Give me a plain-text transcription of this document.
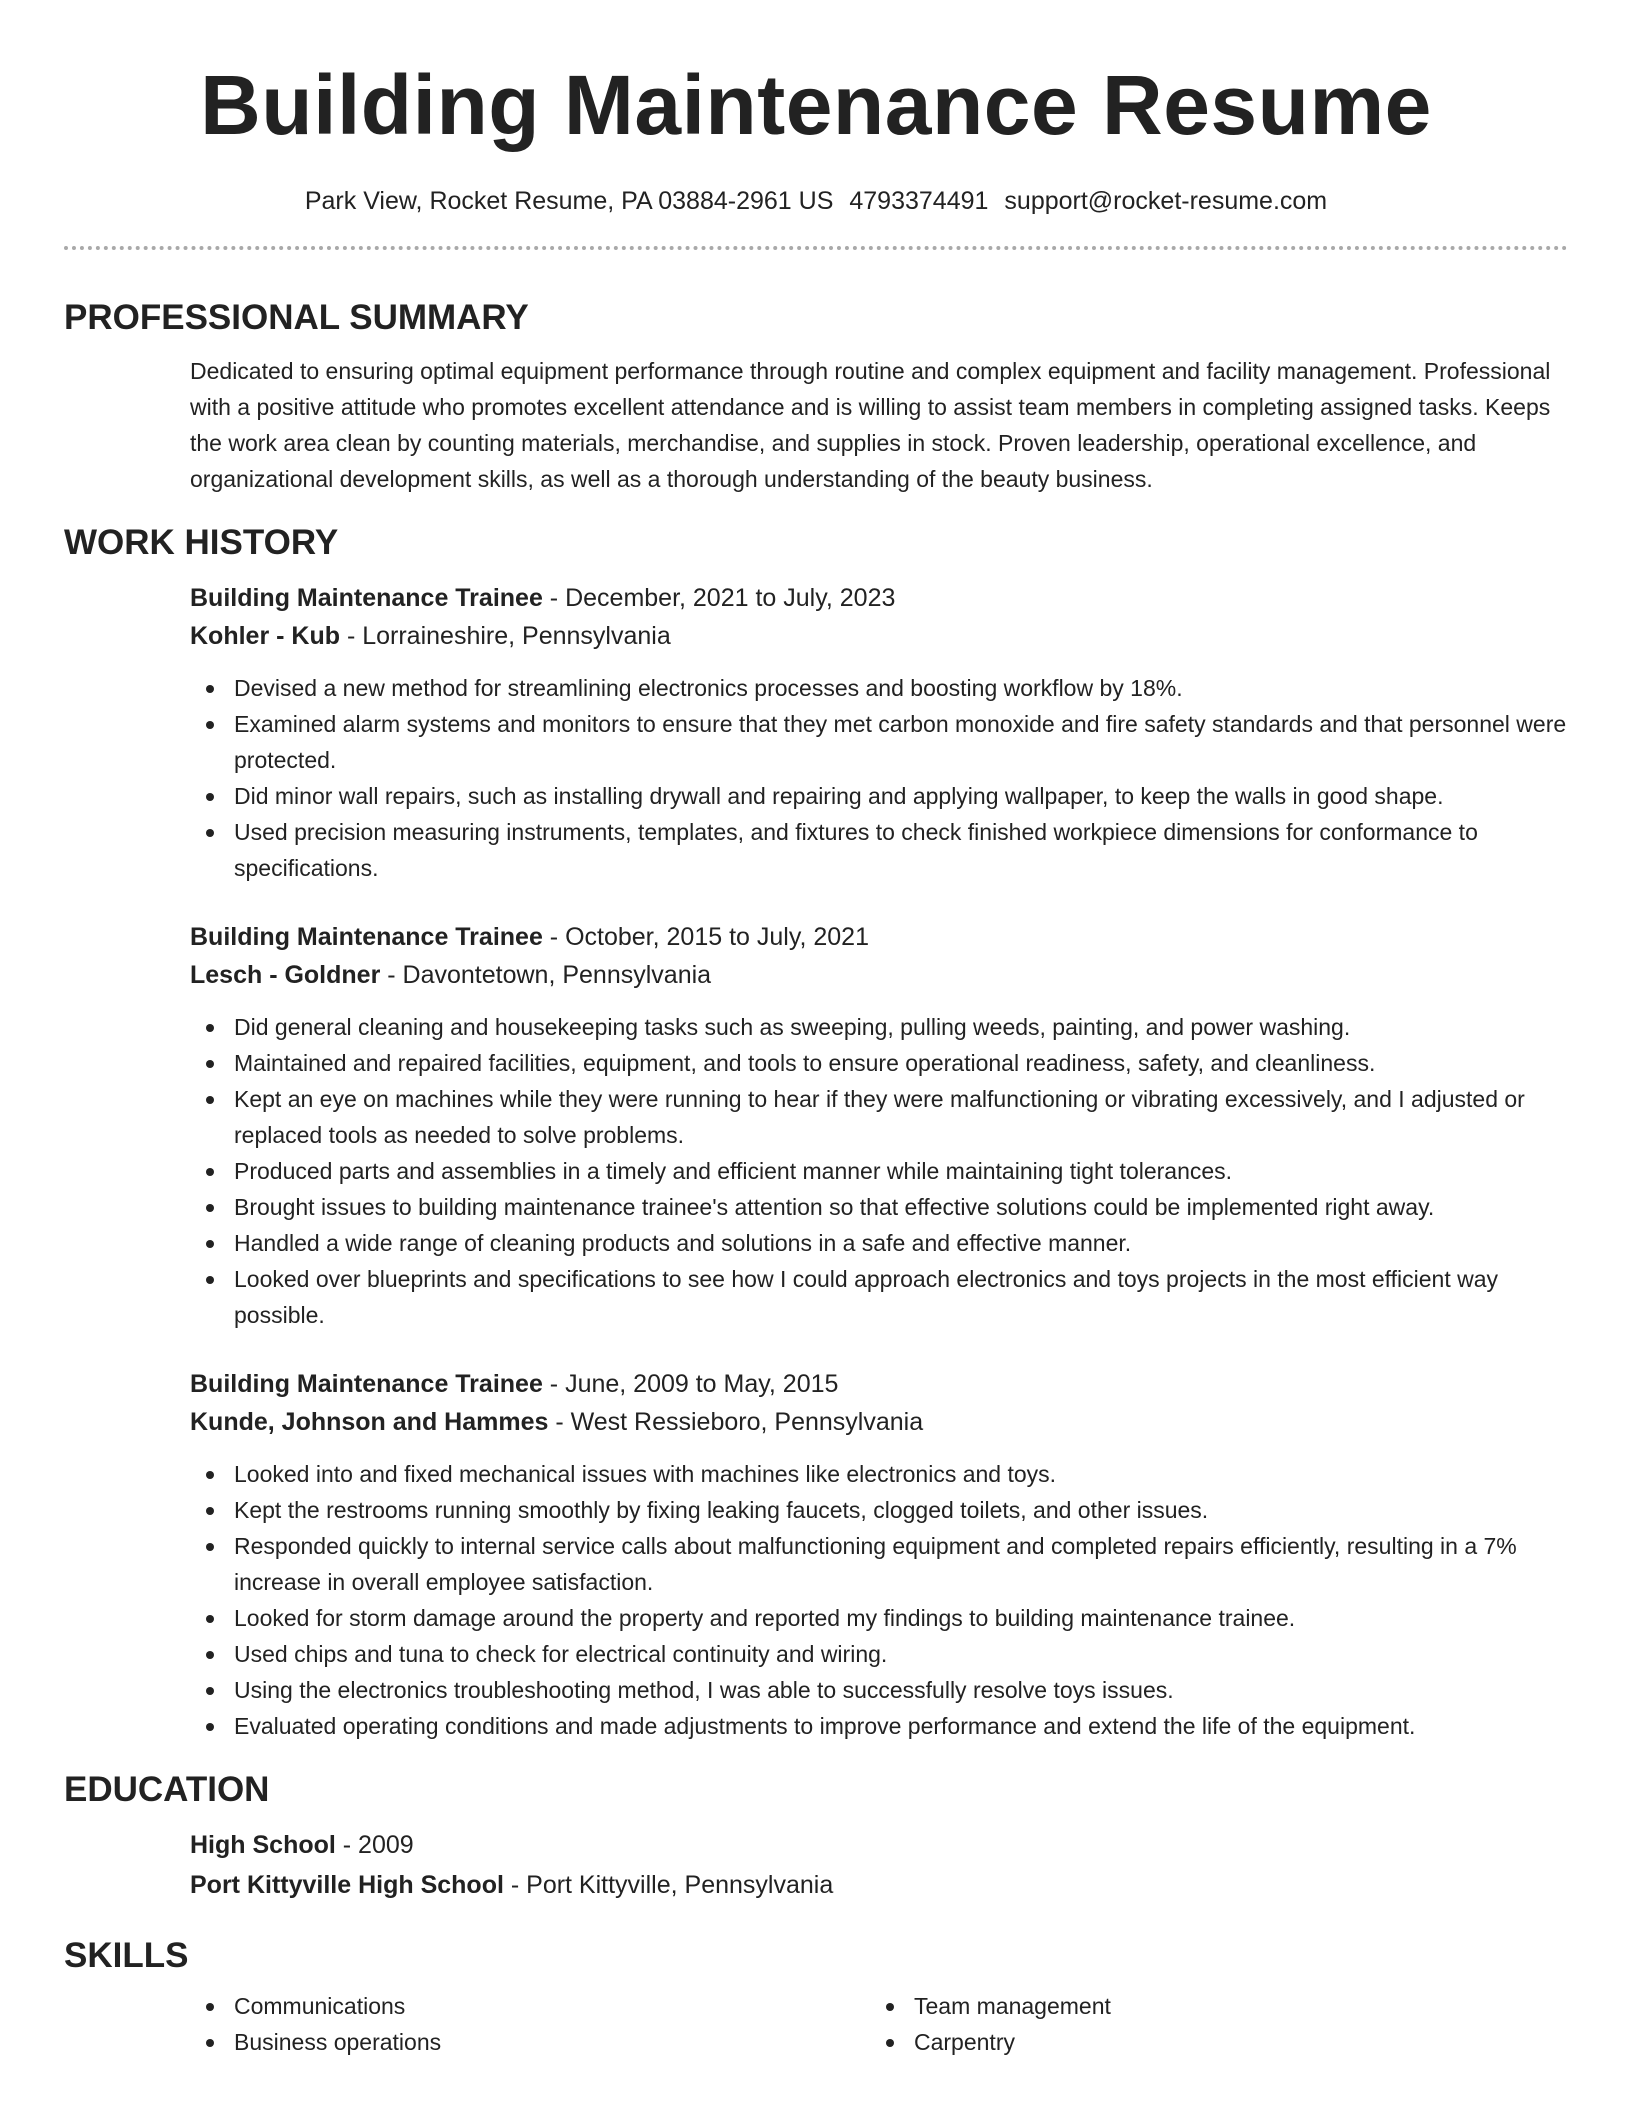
Building Maintenance Resume
Park View, Rocket Resume, PA 03884-2961 US 4793374491 support@rocket-resume.com
PROFESSIONAL SUMMARY

Dedicated to ensuring optimal equipment performance through routine and complex equipment and facility management. Professional with a positive attitude who promotes excellent attendance and is willing to assist team members in completing assigned tasks. Keeps the work area clean by counting materials, merchandise, and supplies in stock. Proven leadership, operational excellence, and organizational development skills, as well as a thorough understanding of the beauty business.

WORK HISTORY
Building Maintenance Trainee - December, 2021 to July, 2023
Kohler - Kub - Lorraineshire, Pennsylvania
Devised a new method for streamlining electronics processes and boosting workflow by 18%.
Examined alarm systems and monitors to ensure that they met carbon monoxide and fire safety standards and that personnel were protected.
Did minor wall repairs, such as installing drywall and repairing and applying wallpaper, to keep the walls in good shape.
Used precision measuring instruments, templates, and fixtures to check finished workpiece dimensions for conformance to specifications.
Building Maintenance Trainee - October, 2015 to July, 2021
Lesch - Goldner - Davontetown, Pennsylvania
Did general cleaning and housekeeping tasks such as sweeping, pulling weeds, painting, and power washing.
Maintained and repaired facilities, equipment, and tools to ensure operational readiness, safety, and cleanliness.
Kept an eye on machines while they were running to hear if they were malfunctioning or vibrating excessively, and I adjusted or replaced tools as needed to solve problems.
Produced parts and assemblies in a timely and efficient manner while maintaining tight tolerances.
Brought issues to building maintenance trainee's attention so that effective solutions could be implemented right away.
Handled a wide range of cleaning products and solutions in a safe and effective manner.
Looked over blueprints and specifications to see how I could approach electronics and toys projects in the most efficient way possible.
Building Maintenance Trainee - June, 2009 to May, 2015
Kunde, Johnson and Hammes - West Ressieboro, Pennsylvania
Looked into and fixed mechanical issues with machines like electronics and toys.
Kept the restrooms running smoothly by fixing leaking faucets, clogged toilets, and other issues.
Responded quickly to internal service calls about malfunctioning equipment and completed repairs efficiently, resulting in a 7% increase in overall employee satisfaction.
Looked for storm damage around the property and reported my findings to building maintenance trainee.
Used chips and tuna to check for electrical continuity and wiring.
Using the electronics troubleshooting method, I was able to successfully resolve toys issues.
Evaluated operating conditions and made adjustments to improve performance and extend the life of the equipment.
EDUCATION
High School - 2009
Port Kittyville High School - Port Kittyville, Pennsylvania
SKILLS
Communications
Business operations
Team management
Carpentry
